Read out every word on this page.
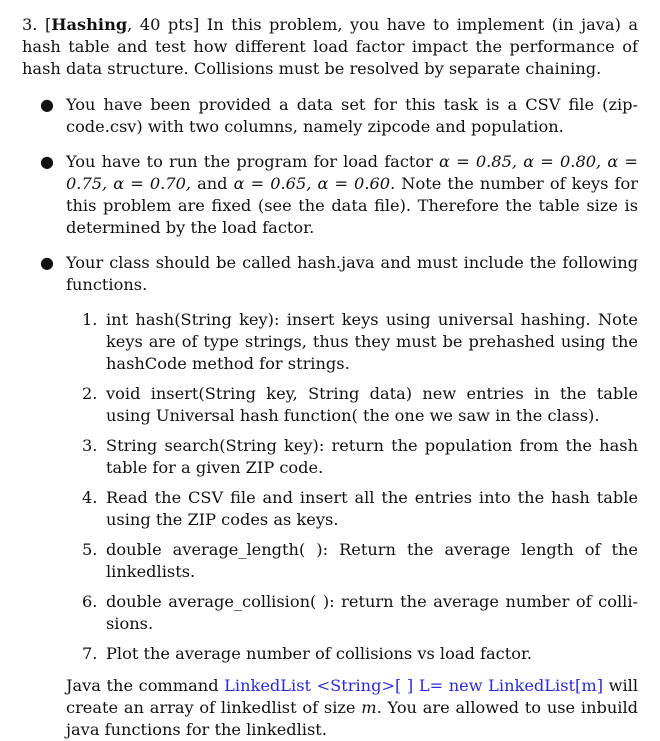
3. [Hashing, 40 pts] In this problem, you have to implement (in java) a hash table and test how different load factor impact the performance of hash data structure. Collisions must be resolved by separate chaining.

● You have been provided a data set for this task is a CSV file (zip-code.csv) with two columns, namely zipcode and population.
● You have to run the program for load factor α = 0.85, α = 0.80, α = 0.75, α = 0.70, and α = 0.65, α = 0.60. Note the number of keys for this problem are fixed (see the data file). Therefore the table size is determined by the load factor.
● Your class should be called hash.java and must include the following functions.
1. int hash(String key): insert keys using universal hashing. Note keys are of type strings, thus they must be prehashed using the hashCode method for strings.
2. void insert(String key, String data) new entries in the table using Universal hash function( the one we saw in the class).
3. String search(String key): return the population from the hash table for a given ZIP code.
4. Read the CSV file and insert all the entries into the hash table using the ZIP codes as keys.
5. double average_length( ): Return the average length of the linkedlists.
6. double average_collision( ): return the average number of colli-sions.
7. Plot the average number of collisions vs load factor.

Java the command LinkedList <String>[ ] L= new LinkedList[m] will create an array of linkedlist of size m. You are allowed to use inbuild java functions for the linkedlist.
